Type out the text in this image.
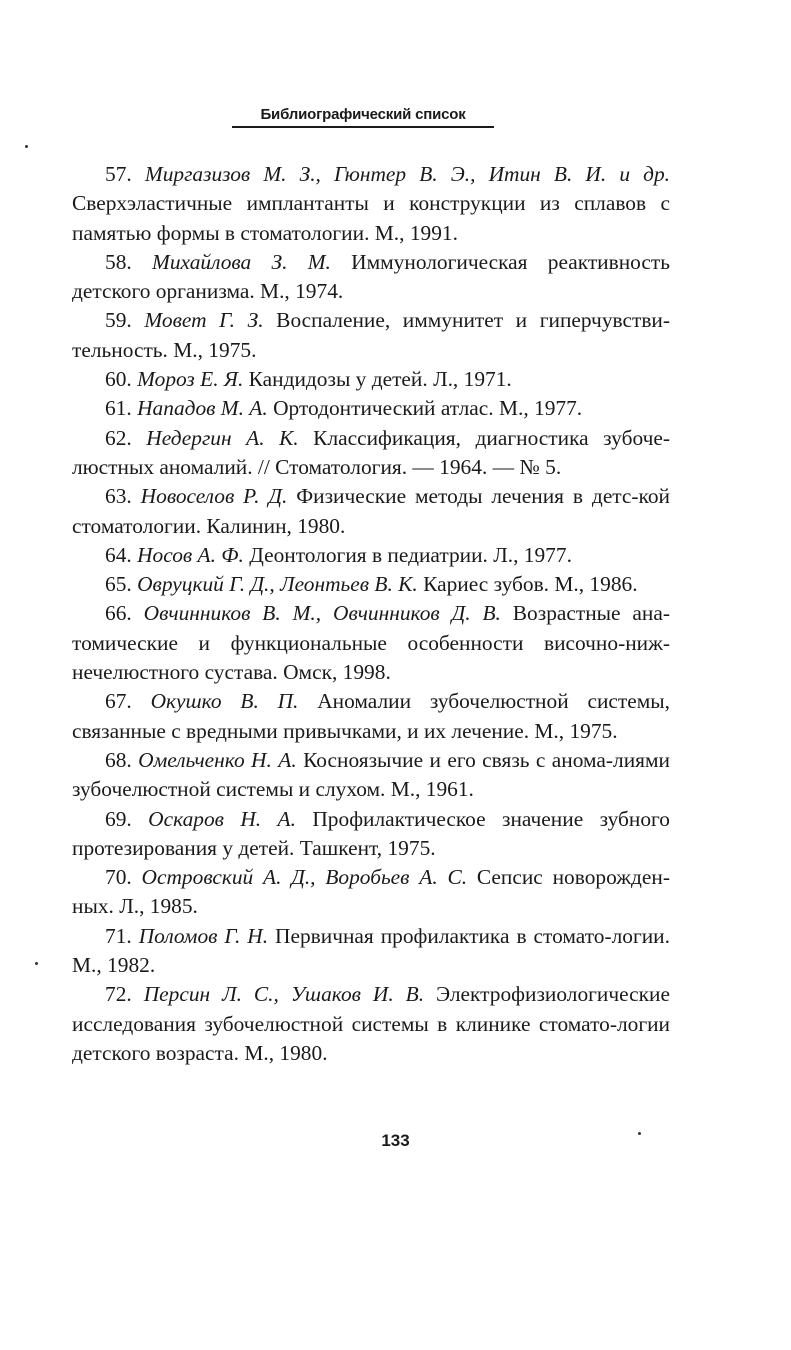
Библиографический список

57. Миргазизов М. З., Гюнтер В. Э., Итин В. И. и др. Сверхэластичные имплантанты и конструкции из сплавов с памятью формы в стоматологии. М., 1991.

58. Михайлова З. М. Иммунологическая реактивность детского организма. М., 1974.

59. Мовет Г. З. Воспаление, иммунитет и гиперчувстви-тельность. М., 1975.

60. Мороз Е. Я. Кандидозы у детей. Л., 1971.

61. Нападов М. А. Ортодонтический атлас. М., 1977.

62. Недергин А. К. Классификация, диагностика зубоче-люстных аномалий. // Стоматология. — 1964. — № 5.

63. Новоселов Р. Д. Физические методы лечения в детс-кой стоматологии. Калинин, 1980.

64. Носов А. Ф. Деонтология в педиатрии. Л., 1977.

65. Овруцкий Г. Д., Леонтьев В. К. Кариес зубов. М., 1986.

66. Овчинников В. М., Овчинников Д. В. Возрастные ана-томические и функциональные особенности височно-ниж-нечелюстного сустава. Омск, 1998.

67. Окушко В. П. Аномалии зубочелюстной системы, связанные с вредными привычками, и их лечение. М., 1975.

68. Омельченко Н. А. Косноязычие и его связь с анома-лиями зубочелюстной системы и слухом. М., 1961.

69. Оскаров Н. А. Профилактическое значение зубного протезирования у детей. Ташкент, 1975.

70. Островский А. Д., Воробьев А. С. Сепсис новорожден-ных. Л., 1985.

71. Поломов Г. Н. Первичная профилактика в стомато-логии. М., 1982.

72. Персин Л. С., Ушаков И. В. Электрофизиологические исследования зубочелюстной системы в клинике стомато-логии детского возраста. М., 1980.

133
